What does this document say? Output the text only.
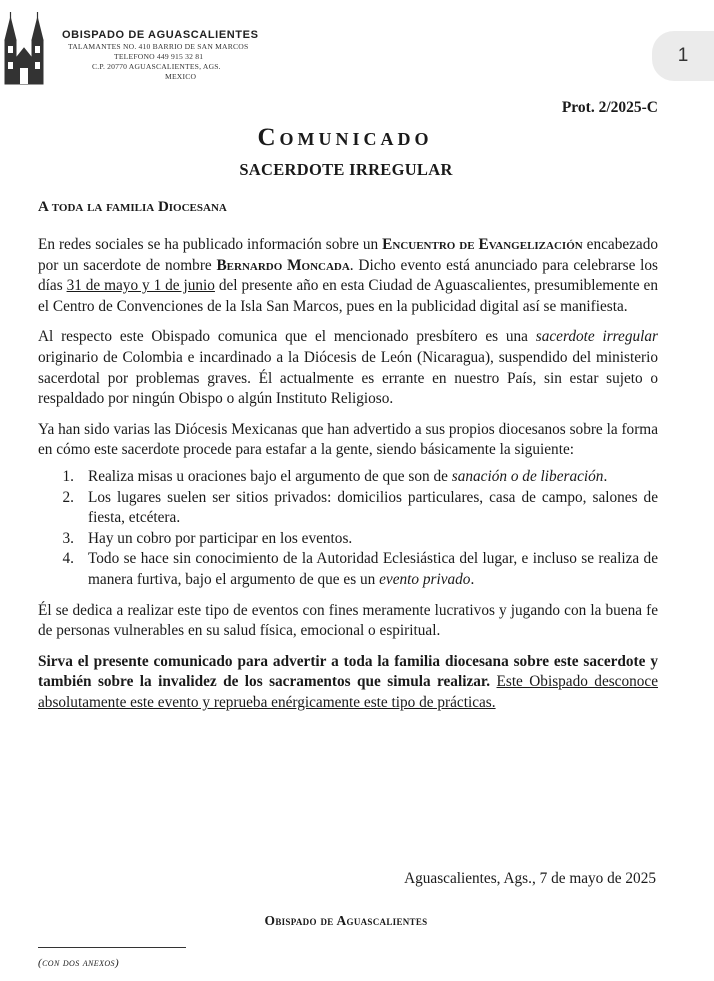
OBISPADO DE AGUASCALIENTES
TALAMANTES NO. 410 BARRIO DE SAN MARCOS
TELEFONO 449 915 32 81
C.P. 20770 AGUASCALIENTES, AGS.
MEXICO
1
Prot. 2/2025-C
Comunicado
SACERDOTE IRREGULAR
A toda la familia Diocesana

En redes sociales se ha publicado información sobre un Encuentro de Evangelización encabezado por un sacerdote de nombre Bernardo Moncada. Dicho evento está anunciado para celebrarse los días 31 de mayo y 1 de junio del presente año en esta Ciudad de Aguascalientes, presumiblemente en el Centro de Convenciones de la Isla San Marcos, pues en la publicidad digital así se manifiesta.

Al respecto este Obispado comunica que el mencionado presbítero es una sacerdote irregular originario de Colombia e incardinado a la Diócesis de León (Nicaragua), suspendido del ministerio sacerdotal por problemas graves. Él actualmente es errante en nuestro País, sin estar sujeto o respaldado por ningún Obispo o algún Instituto Religioso.

Ya han sido varias las Diócesis Mexicanas que han advertido a sus propios diocesanos sobre la forma en cómo este sacerdote procede para estafar a la gente, siendo básicamente la siguiente:

1. Realiza misas u oraciones bajo el argumento de que son de sanación o de liberación.
2. Los lugares suelen ser sitios privados: domicilios particulares, casa de campo, salones de fiesta, etcétera.
3. Hay un cobro por participar en los eventos.
4. Todo se hace sin conocimiento de la Autoridad Eclesiástica del lugar, e incluso se realiza de manera furtiva, bajo el argumento de que es un evento privado.

Él se dedica a realizar este tipo de eventos con fines meramente lucrativos y jugando con la buena fe de personas vulnerables en su salud física, emocional o espiritual.

Sirva el presente comunicado para advertir a toda la familia diocesana sobre este sacerdote y también sobre la invalidez de los sacramentos que simula realizar. Este Obispado desconoce absolutamente este evento y reprueba enérgicamente este tipo de prácticas.

Aguascalientes, Ags., 7 de mayo de 2025
Obispado de Aguascalientes
(con dos anexos)
